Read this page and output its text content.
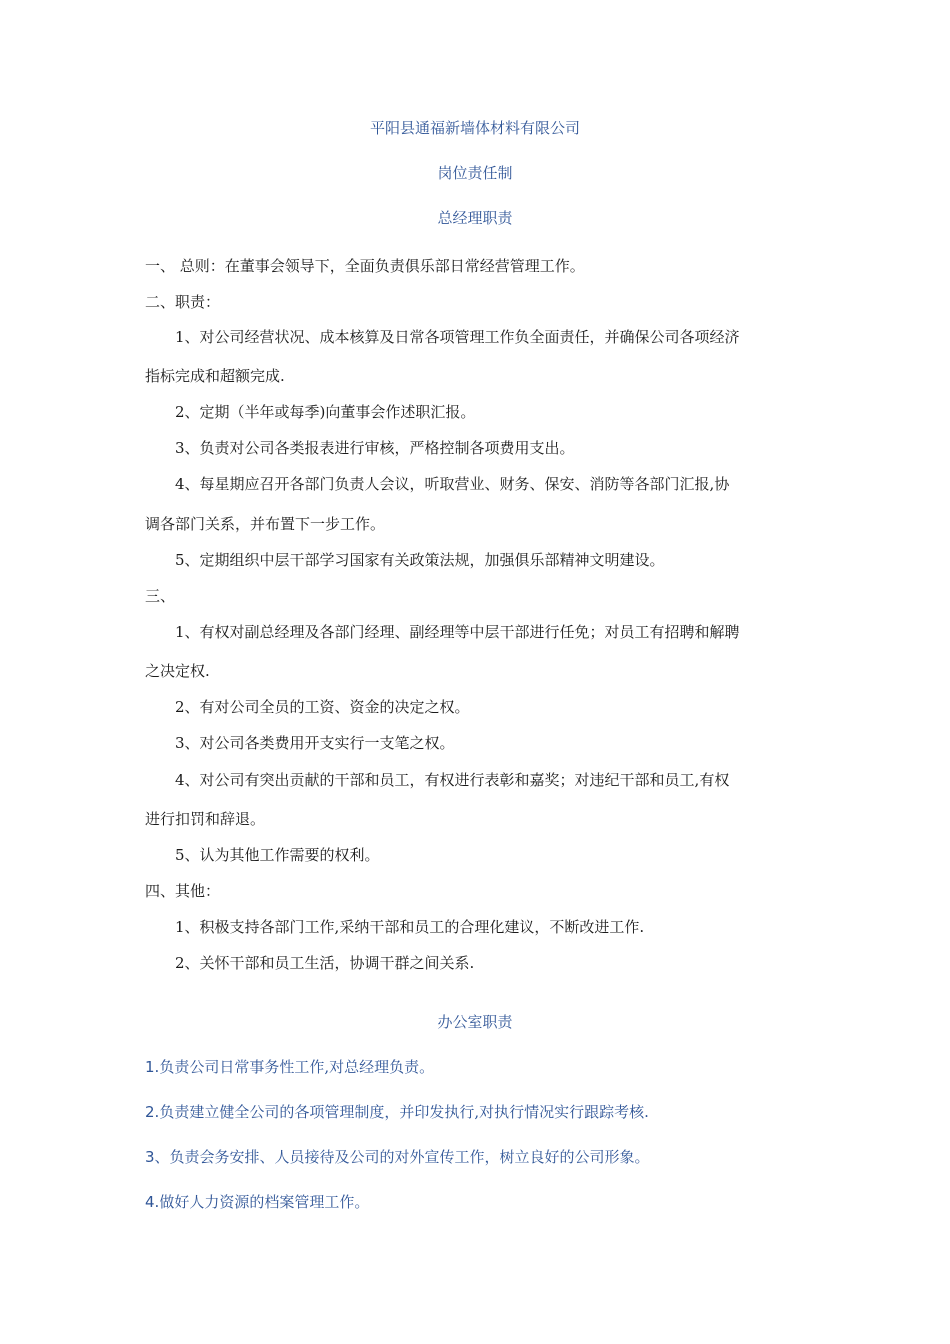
平阳县通福新墙体材料有限公司
岗位责任制
总经理职责
一、 总则：在董事会领导下，全面负责俱乐部日常经营管理工作。
二、职责：
1、对公司经营状况、成本核算及日常各项管理工作负全面责任，并确保公司各项经济
指标完成和超额完成.
2、定期（半年或每季)向董事会作述职汇报。
3、负责对公司各类报表进行审核，严格控制各项费用支出。
4、每星期应召开各部门负责人会议，听取营业、财务、保安、消防等各部门汇报,协
调各部门关系，并布置下一步工作。
5、定期组织中层干部学习国家有关政策法规，加强俱乐部精神文明建设。
三、
1、有权对副总经理及各部门经理、副经理等中层干部进行任免；对员工有招聘和解聘
之决定权.
2、有对公司全员的工资、资金的决定之权。
3、对公司各类费用开支实行一支笔之权。
4、对公司有突出贡献的干部和员工，有权进行表彰和嘉奖；对违纪干部和员工,有权
进行扣罚和辞退。
5、认为其他工作需要的权利。
四、其他：
1、积极支持各部门工作,采纳干部和员工的合理化建议，不断改进工作.
2、关怀干部和员工生活，协调干群之间关系.
办公室职责
1.负责公司日常事务性工作,对总经理负责。
2.负责建立健全公司的各项管理制度，并印发执行,对执行情况实行跟踪考核.
3、负责会务安排、人员接待及公司的对外宣传工作，树立良好的公司形象。
4.做好人力资源的档案管理工作。
